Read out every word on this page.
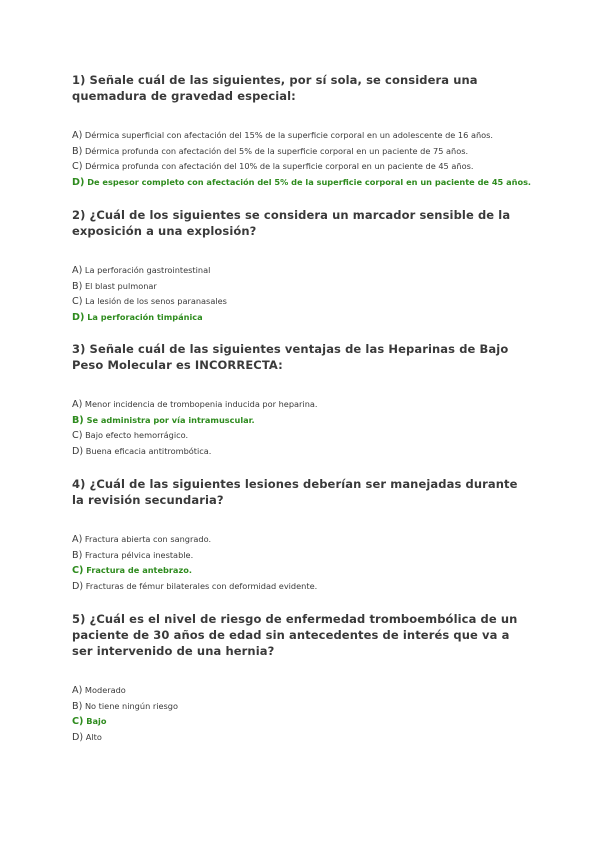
1) Señale cuál de las siguientes, por sí sola, se considera una quemadura de gravedad especial:

A) Dérmica superficial con afectación del 15% de la superficie corporal en un adolescente de 16 años.
B) Dérmica profunda con afectación del 5% de la superficie corporal en un paciente de 75 años.
C) Dérmica profunda con afectación del 10% de la superficie corporal en un paciente de 45 años.
D) De espesor completo con afectación del 5% de la superficie corporal en un paciente de 45 años.

2) ¿Cuál de los siguientes se considera un marcador sensible de la exposición a una explosión?

A) La perforación gastrointestinal
B) El blast pulmonar
C) La lesión de los senos paranasales
D) La perforación timpánica

3) Señale cuál de las siguientes ventajas de las Heparinas de Bajo Peso Molecular es INCORRECTA:

A) Menor incidencia de trombopenia inducida por heparina.
B) Se administra por vía intramuscular.
C) Bajo efecto hemorrágico.
D) Buena eficacia antitrombótica.

4) ¿Cuál de las siguientes lesiones deberían ser manejadas durante la revisión secundaria?

A) Fractura abierta con sangrado.
B) Fractura pélvica inestable.
C) Fractura de antebrazo.
D) Fracturas de fémur bilaterales con deformidad evidente.

5) ¿Cuál es el nivel de riesgo de enfermedad tromboembólica de un paciente de 30 años de edad sin antecedentes de interés que va a ser intervenido de una hernia?

A) Moderado
B) No tiene ningún riesgo
C) Bajo
D) Alto
